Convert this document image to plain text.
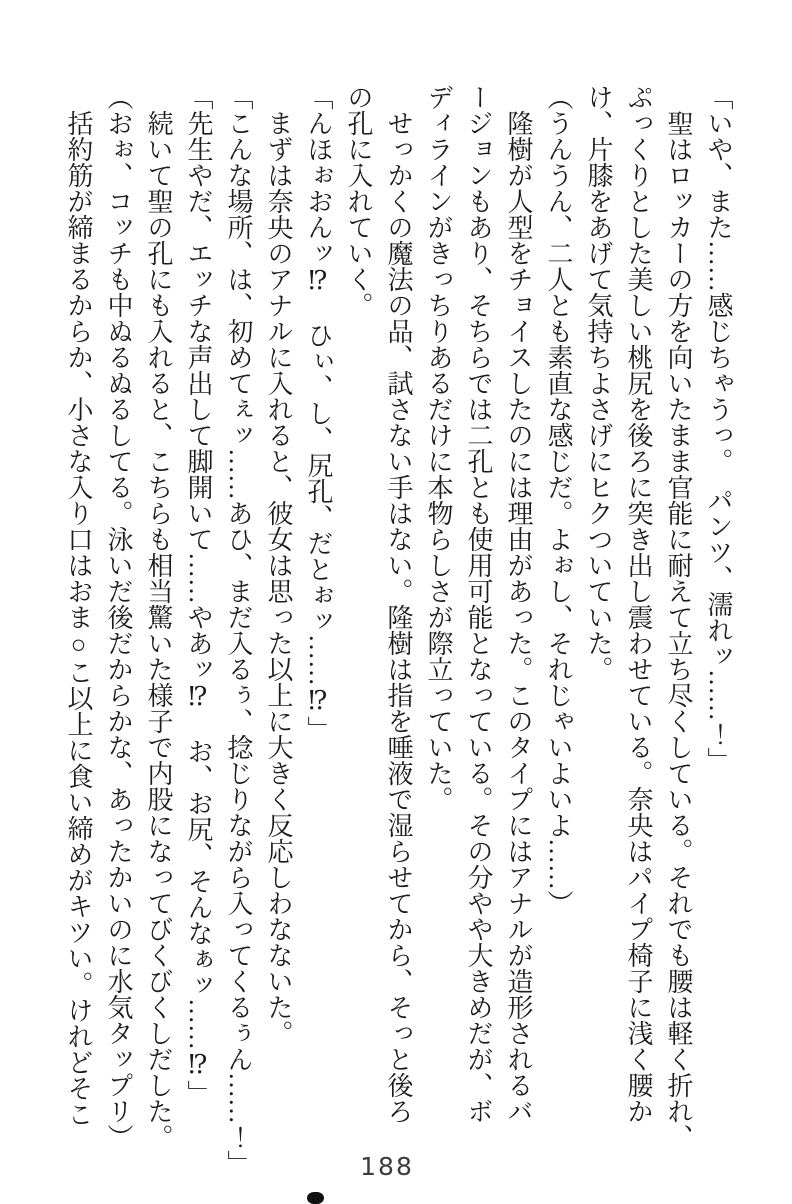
「いや、また……感じちゃうっ。　パンツ、濡れッ……！」

聖はロッカーの方を向いたまま官能に耐えて立ち尽くしている。それでも腰は軽く折れ、

ぷっくりとした美しい桃尻を後ろに突き出し震わせている。奈央はパイプ椅子に浅く腰か

け、片膝をあげて気持ちよさげにヒクついていた。

（うんうん、二人とも素直な感じだ。よぉし、それじゃいよいよ……）

隆樹が人型をチョイスしたのには理由があった。このタイプにはアナルが造形されるバ

ージョンもあり、そちらでは二孔とも使用可能となっている。その分やや大きめだが、ボ

ディラインがきっちりあるだけに本物らしさが際立っていた。

せっかくの魔法の品、試さない手はない。隆樹は指を唾液で湿らせてから、そっと後ろ

の孔に入れていく。

「んほぉおんッ⁉　ひぃ、し、尻孔、だとぉッ……⁉」

まずは奈央のアナルに入れると、彼女は思った以上に大きく反応しわなないた。

「こんな場所、は、初めてぇッ……あひ、まだ入るぅ、捻じりながら入ってくるぅん……！」

「先生やだ、エッチな声出して脚開いて……やあッ⁉　お、お尻、そんなぁッ……⁉」

続いて聖の孔にも入れると、こちらも相当驚いた様子で内股になってびくびくしだした。

（おぉ、コッチも中ぬるぬるしてる。泳いだ後だからかな、あったかいのに水気タップリ）

括約筋が締まるからか、小さな入り口はおま○こ以上に食い締めがキツい。けれどそこ

188
